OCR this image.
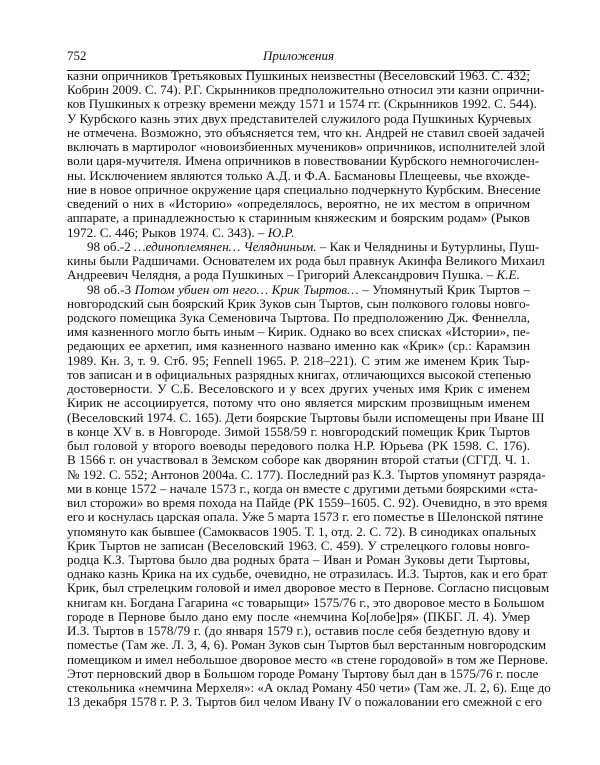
752	Приложения
казни опричников Третьяковых Пушкиных неизвестны (Веселовский 1963. С. 432;
Кобрин 2009. С. 74). Р.Г. Скрынников предположительно относил эти казни опрични-
ков Пушкиных к отрезку времени между 1571 и 1574 гг. (Скрынников 1992. С. 544).
У Курбского казнь этих двух представителей служилого рода Пушкиных Курчевых
не отмечена. Возможно, это объясняется тем, что кн. Андрей не ставил своей задачей
включать в мартиролог «новоизбиенных мучеников» опричников, исполнителей злой
воли царя-мучителя. Имена опричников в повествовании Курбского немногочислен-
ны. Исключением являются только А.Д. и Ф.А. Басмановы Плещеевы, чье вхожде-
ние в новое опричное окружение царя специально подчеркнуто Курбским. Внесение
сведений о них в «Историю» «определялось, вероятно, не их местом в опричном
аппарате, а принадлежностью к старинным княжеским и боярским родам» (Рыков
1972. С. 446; Рыков 1974. С. 343). – Ю.Р.
98 об.-2 …единоплемянен… Челядниным. – Как и Челяднины и Бутурлины, Пуш-
кины были Радшичами. Основателем их рода был правнук Акинфа Великого Михаил
Андреевич Челядня, а рода Пушкиных – Григорий Александрович Пушка. – К.Е.
98 об.-3 Потом убиен от него… Крик Тыртов… – Упомянутый Крик Тыртов –
новгородский сын боярский Крик Зуков сын Тыртов, сын полкового головы новго-
родского помещика Зука Семеновича Тыртова. По предположению Дж. Феннелла,
имя казненного могло быть иным – Кирик. Однако во всех списках «Истории», пе-
редающих ее архетип, имя казненного названо именно как «Крик» (ср.: Карамзин
1989. Кн. 3, т. 9. Стб. 95; Fennell 1965. P. 218–221). С этим же именем Крик Тыр-
тов записан и в официальных разрядных книгах, отличающихся высокой степенью
достоверности. У С.Б. Веселовского и у всех других ученых имя Крик с именем
Кирик не ассоциируется, потому что оно является мирским прозвищным именем
(Веселовский 1974. С. 165). Дети боярские Тыртовы были испомещены при Иване III
в конце XV в. в Новгороде. Зимой 1558/59 г. новгородский помещик Крик Тыртов
был головой у второго воеводы передового полка Н.Р. Юрьева (РК 1598. С. 176).
В 1566 г. он участвовал в Земском соборе как дворянин второй статьи (СГГД. Ч. 1.
№ 192. С. 552; Антонов 2004а. С. 177). Последний раз К.З. Тыртов упомянут разряда-
ми в конце 1572 – начале 1573 г., когда он вместе с другими детьми боярскими «ста-
вил сторожи» во время похода на Пайде (РК 1559–1605. С. 92). Очевидно, в это время
его и коснулась царская опала. Уже 5 марта 1573 г. его поместье в Шелонской пятине
упомянуто как бывшее (Самоквасов 1905. Т. 1, отд. 2. С. 72). В синодиках опальных
Крик Тыртов не записан (Веселовский 1963. С. 459). У стрелецкого головы новго-
родца К.З. Тыртова было два родных брата – Иван и Роман Зуковы дети Тыртовы,
однако казнь Крика на их судьбе, очевидно, не отразилась. И.З. Тыртов, как и его брат
Крик, был стрелецким головой и имел дворовое место в Пернове. Согласно писцовым
книгам кн. Богдана Гагарина «с товарыщи» 1575/76 г., это дворовое место в Большом
городе в Пернове было дано ему после «немчина Ко[лобе]ря» (ПКБГ. Л. 4). Умер
И.З. Тыртов в 1578/79 г. (до января 1579 г.), оставив после себя бездетную вдову и
поместье (Там же. Л. 3, 4, 6). Роман Зуков сын Тыртов был верстанным новгородским
помещиком и имел небольшое дворовое место «в стене городовой» в том же Пернове.
Этот перновский двор в Большом городе Роману Тыртову был дан в 1575/76 г. после
стекольника «немчина Мерхеля»: «А оклад Роману 450 чети» (Там же. Л. 2, 6). Еще до
13 декабря 1578 г. Р. З. Тыртов бил челом Ивану IV о пожаловании его смежной с его
